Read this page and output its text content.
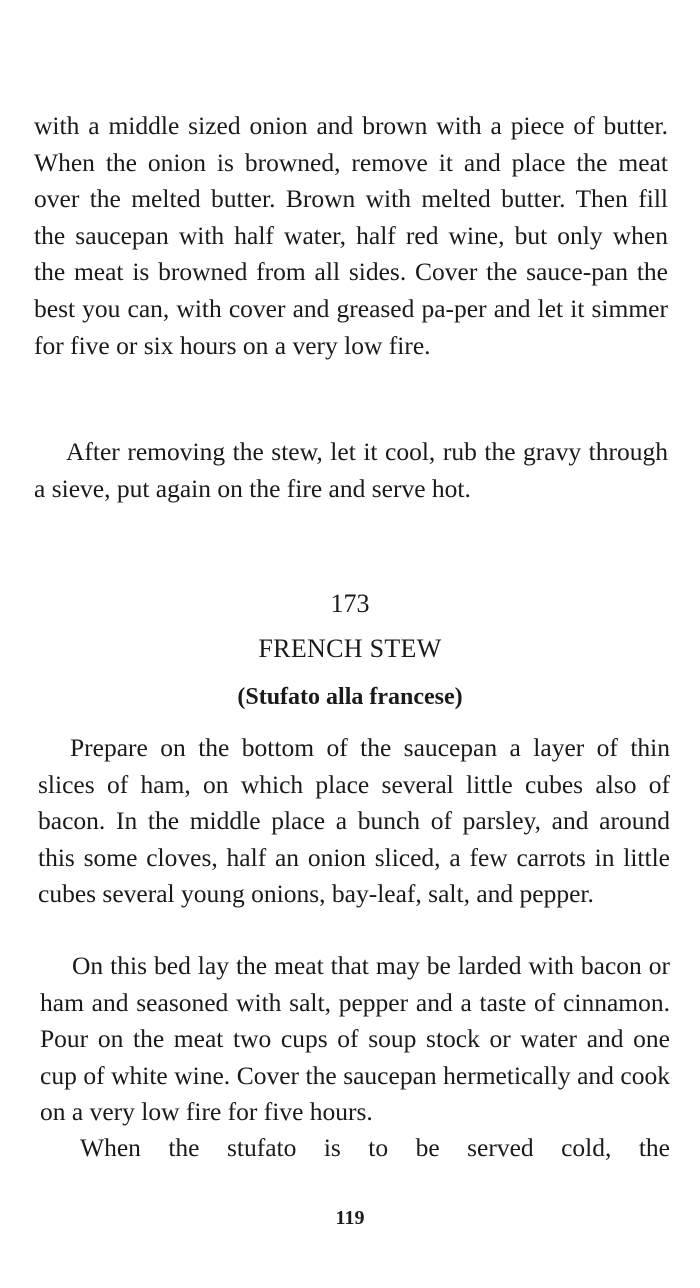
with a middle sized onion and brown with a piece of butter. When the onion is browned, remove it and place the meat over the melted butter. Brown with melted butter. Then fill the saucepan with half water, half red wine, but only when the meat is browned from all sides. Cover the sauce-pan the best you can, with cover and greased pa-per and let it simmer for five or six hours on a very low fire.

After removing the stew, let it cool, rub the gravy through a sieve, put again on the fire and serve hot.

173
FRENCH STEW
(Stufato alla francese)

Prepare on the bottom of the saucepan a layer of thin slices of ham, on which place several little cubes also of bacon. In the middle place a bunch of parsley, and around this some cloves, half an onion sliced, a few carrots in little cubes several young onions, bay-leaf, salt, and pepper.

On this bed lay the meat that may be larded with bacon or ham and seasoned with salt, pepper and a taste of cinnamon. Pour on the meat two cups of soup stock or water and one cup of white wine. Cover the saucepan hermetically and cook on a very low fire for five hours.

When the stufato is to be served cold, the

119
